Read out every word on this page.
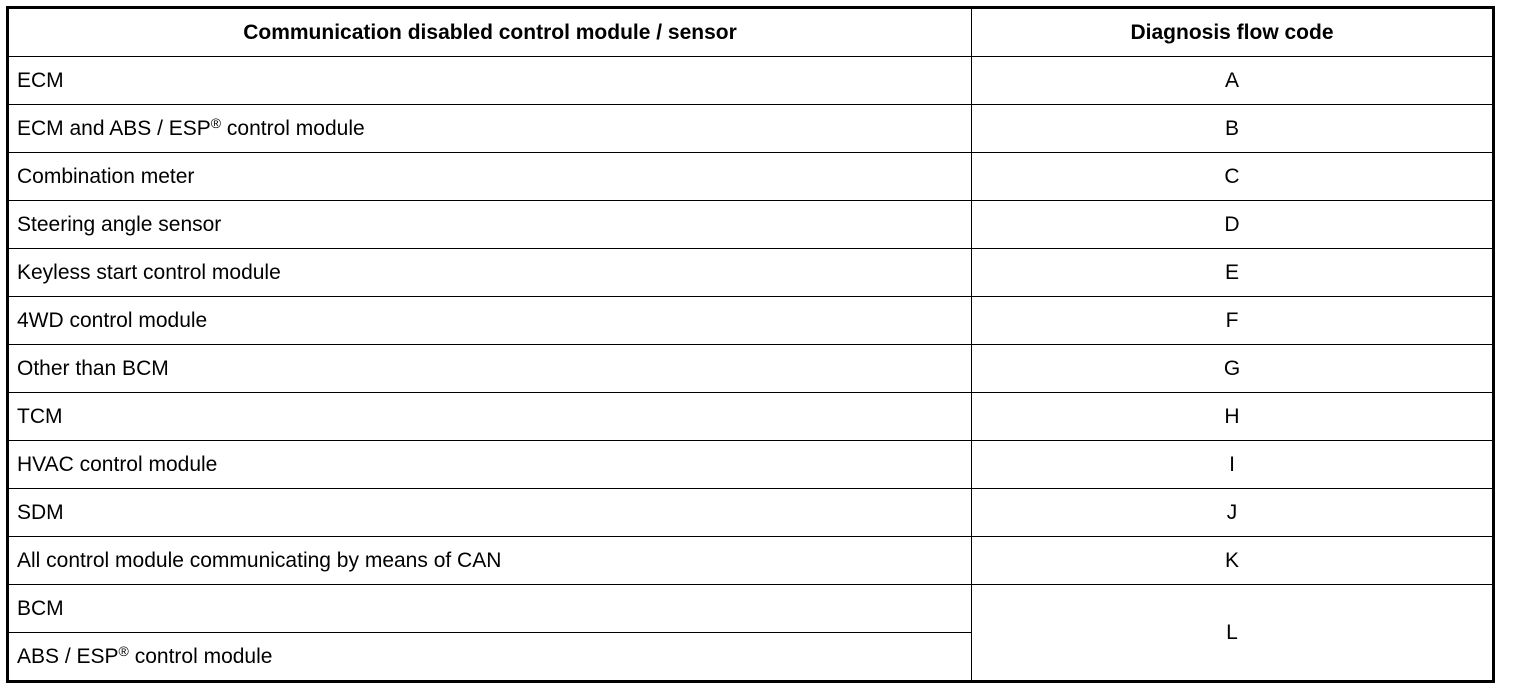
Communication disabled control module / sensor	Diagnosis flow code
ECM	A
ECM and ABS / ESP® control module	B
Combination meter	C
Steering angle sensor	D
Keyless start control module	E
4WD control module	F
Other than BCM	G
TCM	H
HVAC control module	I
SDM	J
All control module communicating by means of CAN	K
BCM	L
ABS / ESP® control module	
